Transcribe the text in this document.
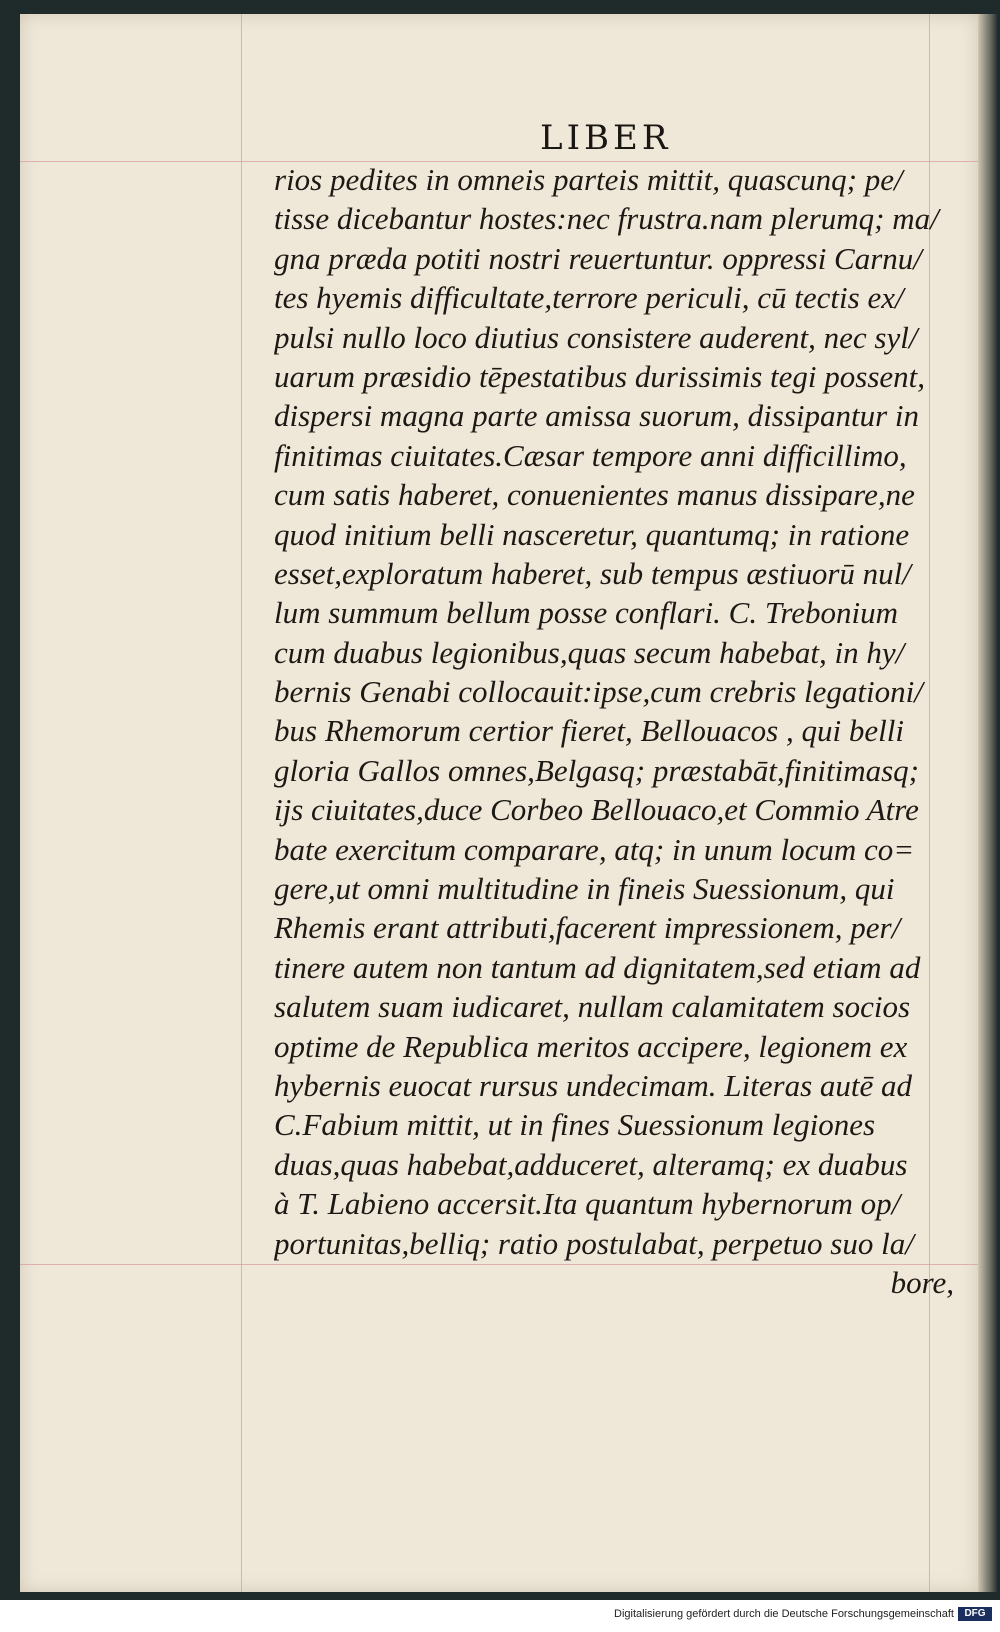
LIBER
rios pedites in omneis parteis mittit, quascunq; pe/
tisse dicebantur hostes:nec frustra.nam plerumq; ma/
gna præda potiti nostri reuertuntur. oppressi Carnu/
tes hyemis difficultate,terrore periculi, cū tectis ex/
pulsi nullo loco diutius consistere auderent, nec syl/
uarum præsidio tēpestatibus durissimis tegi possent,
dispersi magna parte amissa suorum, dissipantur in
finitimas ciuitates.Cæsar tempore anni difficillimo,
cum satis haberet, conuenientes manus dissipare,ne
quod initium belli nasceretur, quantumq; in ratione
esset,exploratum haberet, sub tempus æstiuorū nul/
lum summum bellum posse conflari. C. Trebonium
cum duabus legionibus,quas secum habebat, in hy/
bernis Genabi collocauit:ipse,cum crebris legationi/
bus Rhemorum certior fieret, Bellouacos , qui belli
gloria Gallos omnes,Belgasq; præstabāt,finitimasq;
ijs ciuitates,duce Corbeo Bellouaco,et Commio Atre
bate exercitum comparare, atq; in unum locum co=
gere,ut omni multitudine in fineis Suessionum, qui
Rhemis erant attributi,facerent impressionem, per/
tinere autem non tantum ad dignitatem,sed etiam ad
salutem suam iudicaret, nullam calamitatem socios
optime de Republica meritos accipere, legionem ex
hybernis euocat rursus undecimam. Literas autē ad
C.Fabium mittit, ut in fines Suessionum legiones
duas,quas habebat,adduceret, alteramq; ex duabus
à T. Labieno accersit.Ita quantum hybernorum op/
portunitas,belliq; ratio postulabat, perpetuo suo la/
bore,
Digitalisierung gefördert durch die Deutsche Forschungsgemeinschaft	DFG
